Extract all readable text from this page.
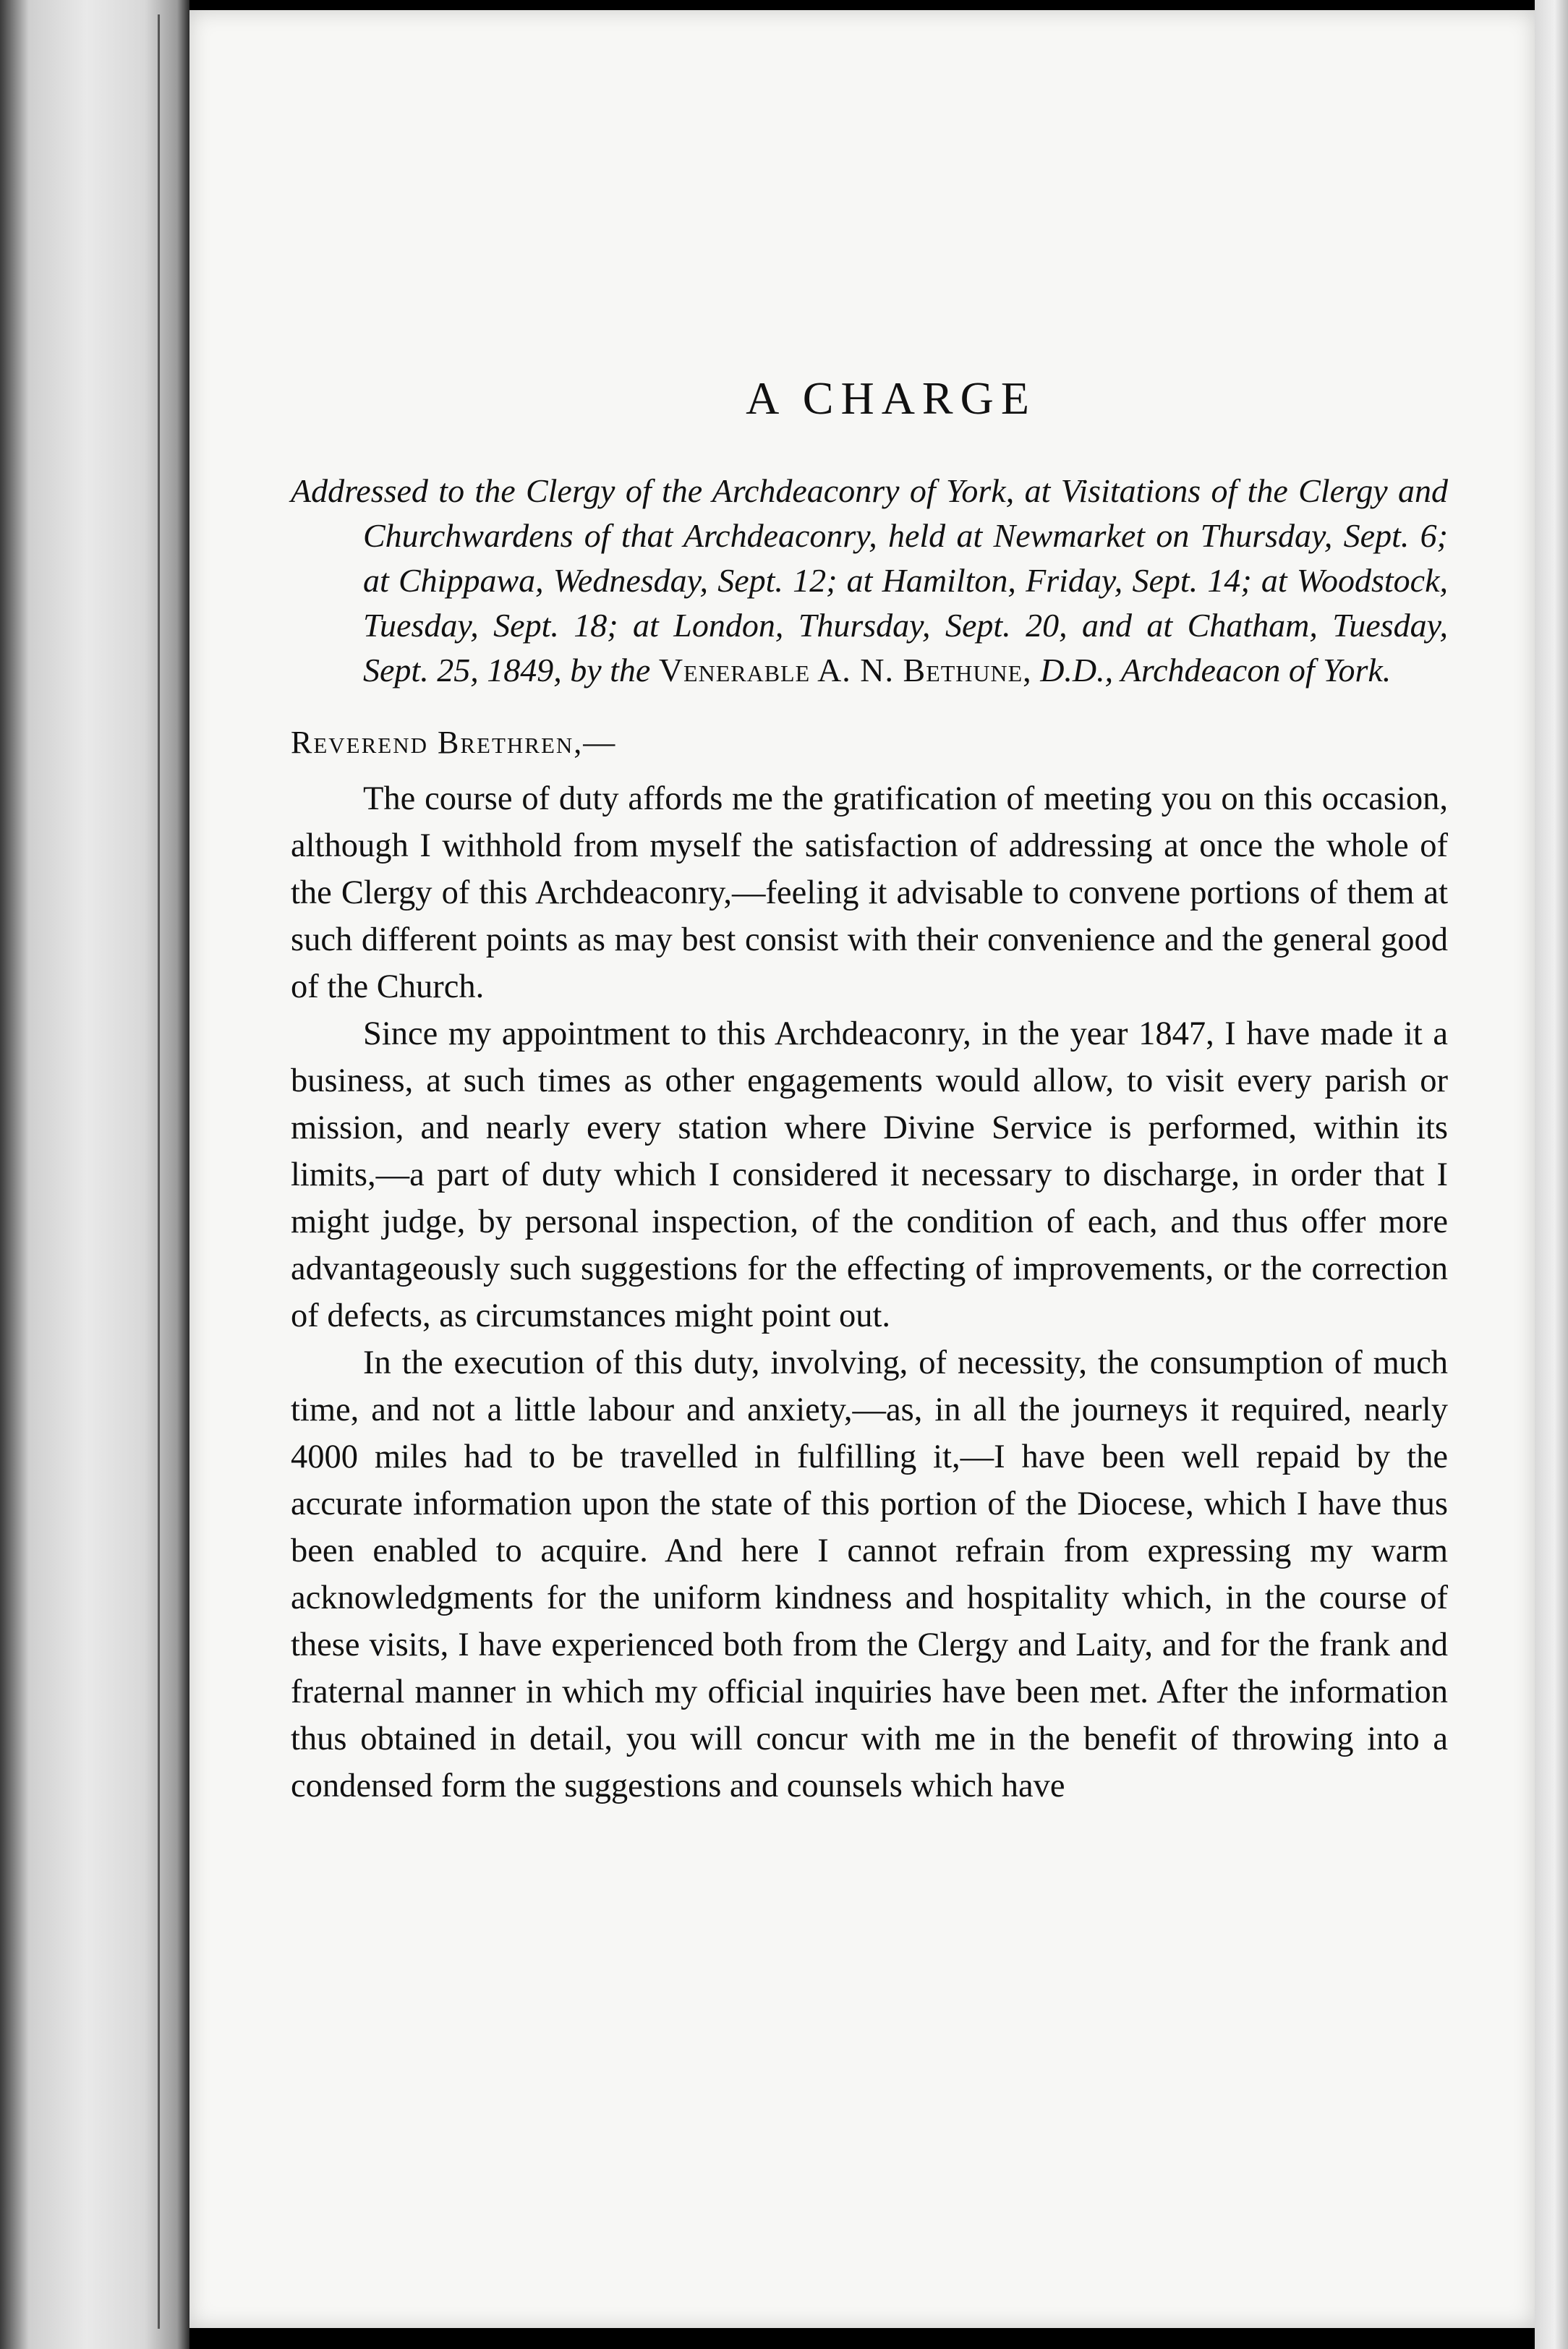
A CHARGE

Addressed to the Clergy of the Archdeaconry of York, at Visitations of the Clergy and Churchwardens of that Archdeaconry, held at Newmarket on Thursday, Sept. 6; at Chippawa, Wednesday, Sept. 12; at Hamilton, Friday, Sept. 14; at Woodstock, Tuesday, Sept. 18; at London, Thursday, Sept. 20, and at Chatham, Tuesday, Sept. 25, 1849, by the Venerable A. N. Bethune, D.D., Archdeacon of York.

Reverend Brethren,—

The course of duty affords me the gratification of meeting you on this occasion, although I withhold from myself the satisfaction of addressing at once the whole of the Clergy of this Archdeaconry,—feeling it advisable to convene portions of them at such different points as may best consist with their convenience and the general good of the Church.

Since my appointment to this Archdeaconry, in the year 1847, I have made it a business, at such times as other engagements would allow, to visit every parish or mission, and nearly every station where Divine Service is performed, within its limits,—a part of duty which I considered it necessary to discharge, in order that I might judge, by personal inspection, of the condition of each, and thus offer more advantageously such suggestions for the effecting of improvements, or the correction of defects, as circumstances might point out.

In the execution of this duty, involving, of necessity, the consumption of much time, and not a little labour and anxiety,—as, in all the journeys it required, nearly 4000 miles had to be travelled in fulfilling it,—I have been well repaid by the accurate information upon the state of this portion of the Diocese, which I have thus been enabled to acquire. And here I cannot refrain from expressing my warm acknowledgments for the uniform kindness and hospitality which, in the course of these visits, I have experienced both from the Clergy and Laity, and for the frank and fraternal manner in which my official inquiries have been met. After the information thus obtained in detail, you will concur with me in the benefit of throwing into a condensed form the suggestions and counsels which have
